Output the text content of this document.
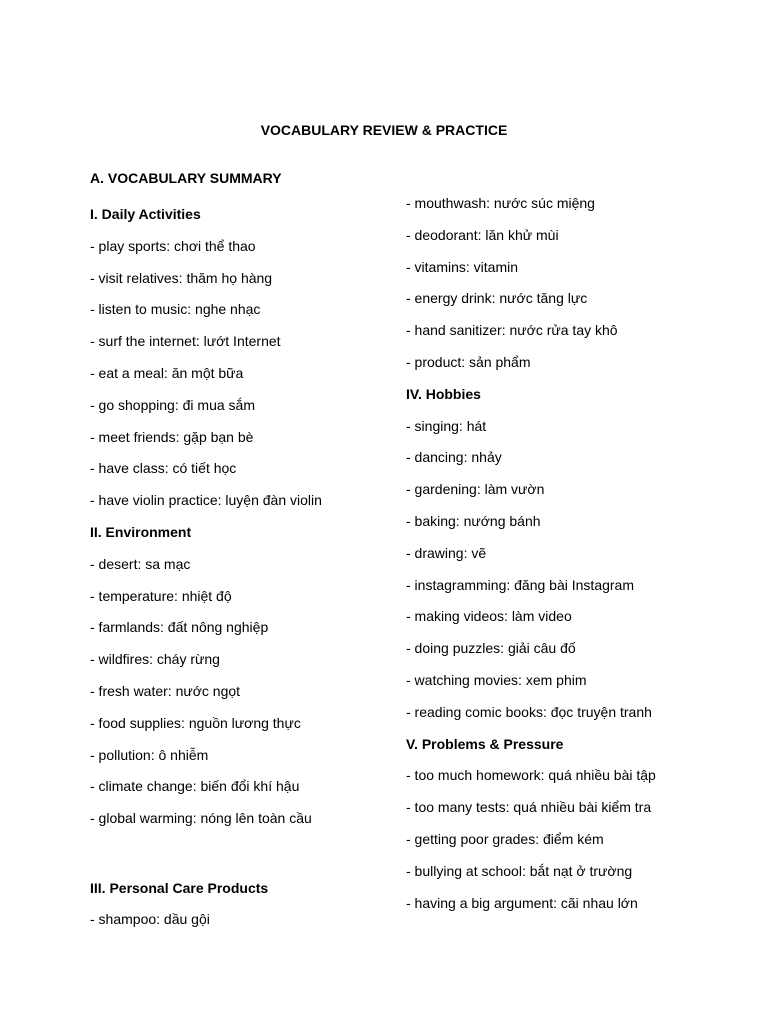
VOCABULARY REVIEW & PRACTICE
A. VOCABULARY SUMMARY
I. Daily Activities
- play sports: chơi thể thao
- visit relatives: thăm họ hàng
- listen to music: nghe nhạc
- surf the internet: lướt Internet
- eat a meal: ăn một bữa
- go shopping: đi mua sắm
- meet friends: gặp bạn bè
- have class: có tiết học
- have violin practice: luyện đàn violin
II. Environment
- desert: sa mạc
- temperature: nhiệt độ
- farmlands: đất nông nghiệp
- wildfires: cháy rừng
- fresh water: nước ngọt
- food supplies: nguồn lương thực
- pollution: ô nhiễm
- climate change: biến đổi khí hậu
- global warming: nóng lên toàn cầu
III. Personal Care Products
- shampoo: dầu gội
- mouthwash: nước súc miệng
- deodorant: lăn khử mùi
- vitamins: vitamin
- energy drink: nước tăng lực
- hand sanitizer: nước rửa tay khô
- product: sản phẩm
IV. Hobbies
- singing: hát
- dancing: nhảy
- gardening: làm vườn
- baking: nướng bánh
- drawing: vẽ
- instagramming: đăng bài Instagram
- making videos: làm video
- doing puzzles: giải câu đố
- watching movies: xem phim
- reading comic books: đọc truyện tranh
V. Problems & Pressure
- too much homework: quá nhiều bài tập
- too many tests: quá nhiều bài kiểm tra
- getting poor grades: điểm kém
- bullying at school: bắt nạt ở trường
- having a big argument: cãi nhau lớn
